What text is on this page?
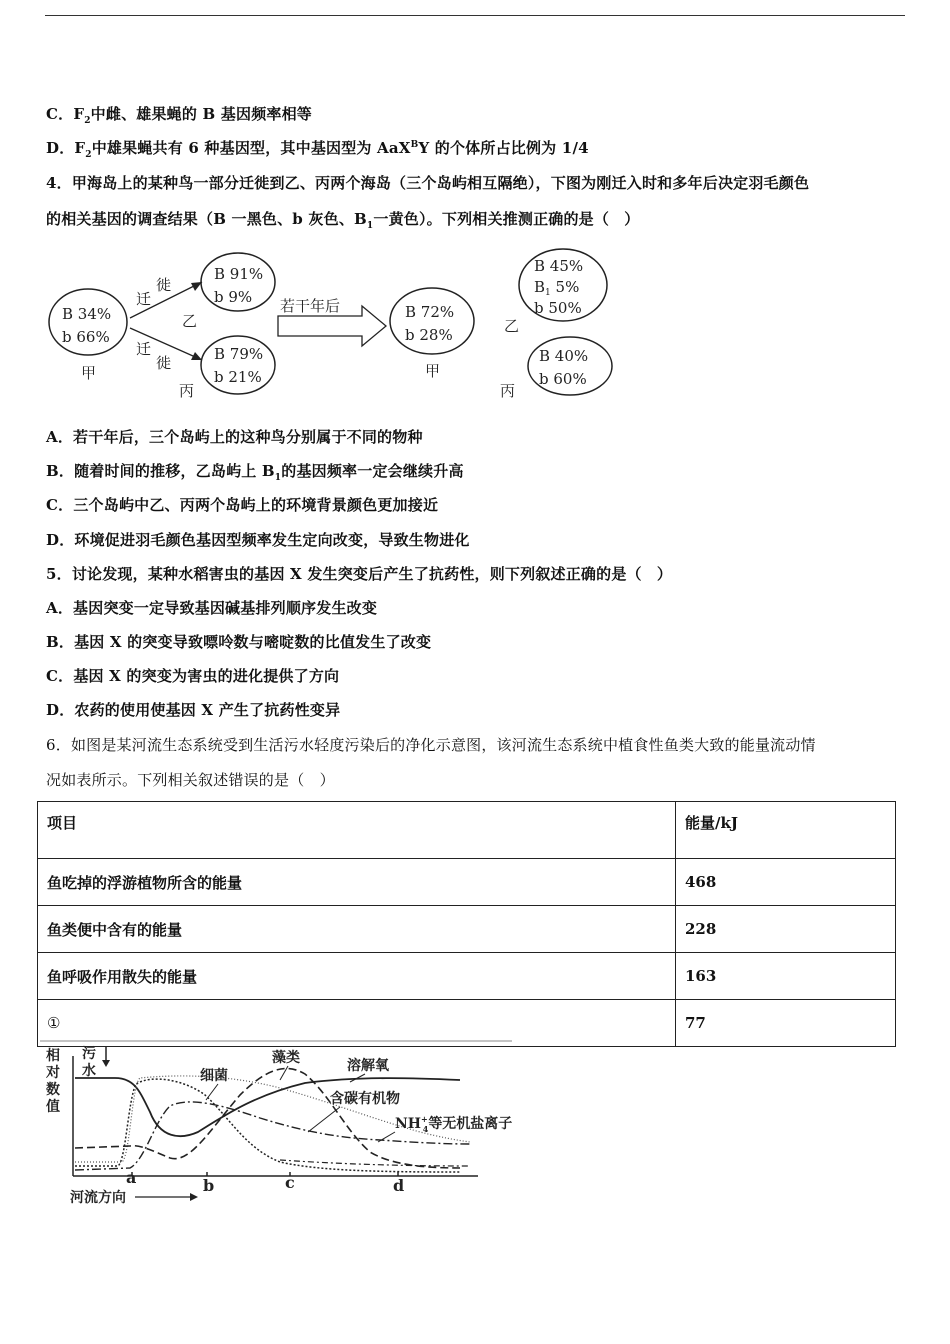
C．$F_2$中雌、雄果蝇的 B 基因频率相等
D．$F_2$中雄果蝇共有 6 种基因型，其中基因型为 AaX$^B$Y 的个体所占比例为 1/4
4．甲海岛上的某种鸟一部分迁徙到乙、丙两个海岛（三个岛屿相互隔绝），下图为刚迁入时和多年后决定羽毛颜色
的相关基因的调查结果（B 一黑色、b 灰色、$B_1$一黄色）。下列相关推测正确的是（　）
B 34%
b 66%
甲
迁
徙
迁
徙
B 91%
b 9%
乙
B 79%
b 21%
丙
若干年后	B 72%
b 28%
甲
B 45%
$B_1$ 5%
b 50%
乙
B 40%
b 60%
丙
A．若干年后，三个岛屿上的这种鸟分别属于不同的物种
B．随着时间的推移，乙岛屿上 $B_1$的基因频率一定会继续升高
C．三个岛屿中乙、丙两个岛屿上的环境背景颜色更加接近
D．环境促进羽毛颜色基因型频率发生定向改变，导致生物进化
5．讨论发现，某种水稻害虫的基因 X 发生突变后产生了抗药性，则下列叙述正确的是（　）
A．基因突变一定导致基因碱基排列顺序发生改变
B．基因 X 的突变导致嘌呤数与嘧啶数的比值发生了改变
C．基因 X 的突变为害虫的进化提供了方向
D．农药的使用使基因 X 产生了抗药性变异
6．如图是某河流生态系统受到生活污水轻度污染后的净化示意图，该河流生态系统中植食性鱼类大致的能量流动情
况如表所示。下列相关叙述错误的是（　）
项目	能量/kJ
鱼吃掉的浮游植物所含的能量	468
鱼类便中含有的能量	228
鱼呼吸作用散失的能量	163
①	77
相
对
数
值
污
水	细菌
藻类	溶解氧
含碳有机物
NH+ 4等无机盐离子
a	b	c	d
河流方向
